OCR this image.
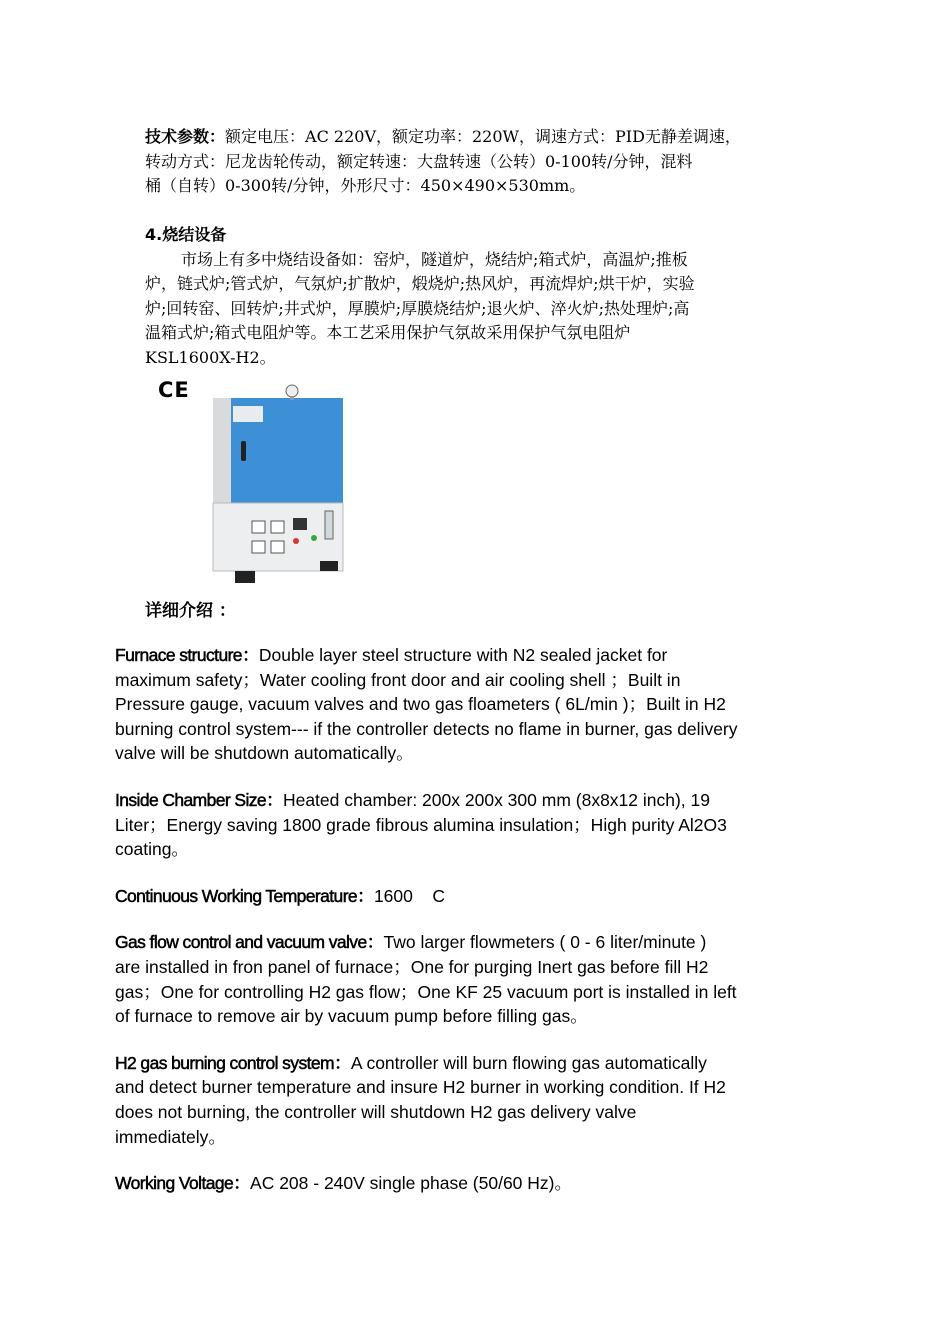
技术参数：额定电压：AC 220V，额定功率：220W，调速方式：PID无静差调速，
转动方式：尼龙齿轮传动，额定转速：大盘转速（公转）0-100转/分钟，混料
桶（自转）0-300转/分钟，外形尺寸：450×490×530mm。
4.烧结设备
市场上有多中烧结设备如：窑炉，隧道炉，烧结炉;箱式炉，高温炉;推板
炉，链式炉;管式炉，气氛炉;扩散炉，煅烧炉;热风炉，再流焊炉;烘干炉，实验
炉;回转窑、回转炉;井式炉，厚膜炉;厚膜烧结炉;退火炉、淬火炉;热处理炉;高
温箱式炉;箱式电阻炉等。本工艺采用保护气氛故采用保护气氛电阻炉
KSL1600X-H2。
CE
详细介绍 ：
Furnace structure：Double layer steel structure with N2 sealed jacket for
maximum safety；Water cooling front door and air cooling shell ；Built in
Pressure gauge, vacuum valves and two gas floameters ( 6L/min )；Built in H2
burning control system--- if the controller detects no flame in burner, gas delivery
valve will be shutdown automatically。
Inside Chamber Size：Heated chamber: 200x 200x 300 mm (8x8x12 inch), 19
Liter；Energy saving 1800 grade fibrous alumina insulation；High purity Al2O3
coating。
Continuous Working Temperature：1600    C
Gas flow control and vacuum valve：Two larger flowmeters ( 0 - 6 liter/minute )
are installed in fron panel of furnace；One for purging Inert gas before fill H2
gas；One for controlling H2 gas flow；One KF 25 vacuum port is installed in left
of furnace to remove air by vacuum pump before filling gas。
H2 gas burning control system：A controller will burn flowing gas automatically
and detect burner temperature and insure H2 burner in working condition. If H2
does not burning, the controller will shutdown H2 gas delivery valve
immediately。
Working Voltage：AC 208 - 240V single phase (50/60 Hz)。
